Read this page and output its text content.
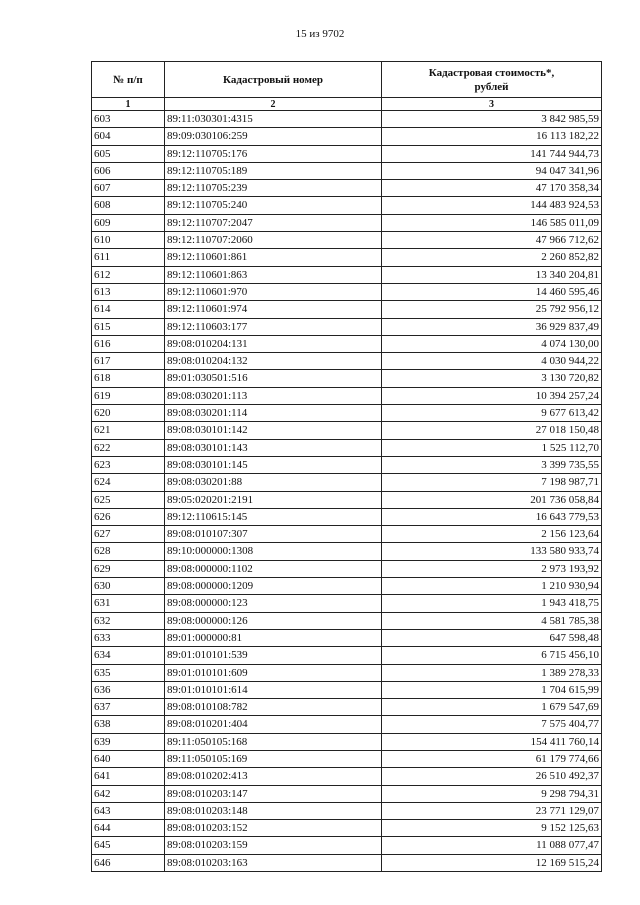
15 из 9702
№ п/п	Кадастровый номер	Кадастровая стоимость*,
рублей
1	2	3
603	89:11:030301:4315	3 842 985,59
604	89:09:030106:259	16 113 182,22
605	89:12:110705:176	141 744 944,73
606	89:12:110705:189	94 047 341,96
607	89:12:110705:239	47 170 358,34
608	89:12:110705:240	144 483 924,53
609	89:12:110707:2047	146 585 011,09
610	89:12:110707:2060	47 966 712,62
611	89:12:110601:861	2 260 852,82
612	89:12:110601:863	13 340 204,81
613	89:12:110601:970	14 460 595,46
614	89:12:110601:974	25 792 956,12
615	89:12:110603:177	36 929 837,49
616	89:08:010204:131	4 074 130,00
617	89:08:010204:132	4 030 944,22
618	89:01:030501:516	3 130 720,82
619	89:08:030201:113	10 394 257,24
620	89:08:030201:114	9 677 613,42
621	89:08:030101:142	27 018 150,48
622	89:08:030101:143	1 525 112,70
623	89:08:030101:145	3 399 735,55
624	89:08:030201:88	7 198 987,71
625	89:05:020201:2191	201 736 058,84
626	89:12:110615:145	16 643 779,53
627	89:08:010107:307	2 156 123,64
628	89:10:000000:1308	133 580 933,74
629	89:08:000000:1102	2 973 193,92
630	89:08:000000:1209	1 210 930,94
631	89:08:000000:123	1 943 418,75
632	89:08:000000:126	4 581 785,38
633	89:01:000000:81	647 598,48
634	89:01:010101:539	6 715 456,10
635	89:01:010101:609	1 389 278,33
636	89:01:010101:614	1 704 615,99
637	89:08:010108:782	1 679 547,69
638	89:08:010201:404	7 575 404,77
639	89:11:050105:168	154 411 760,14
640	89:11:050105:169	61 179 774,66
641	89:08:010202:413	26 510 492,37
642	89:08:010203:147	9 298 794,31
643	89:08:010203:148	23 771 129,07
644	89:08:010203:152	9 152 125,63
645	89:08:010203:159	11 088 077,47
646	89:08:010203:163	12 169 515,24
